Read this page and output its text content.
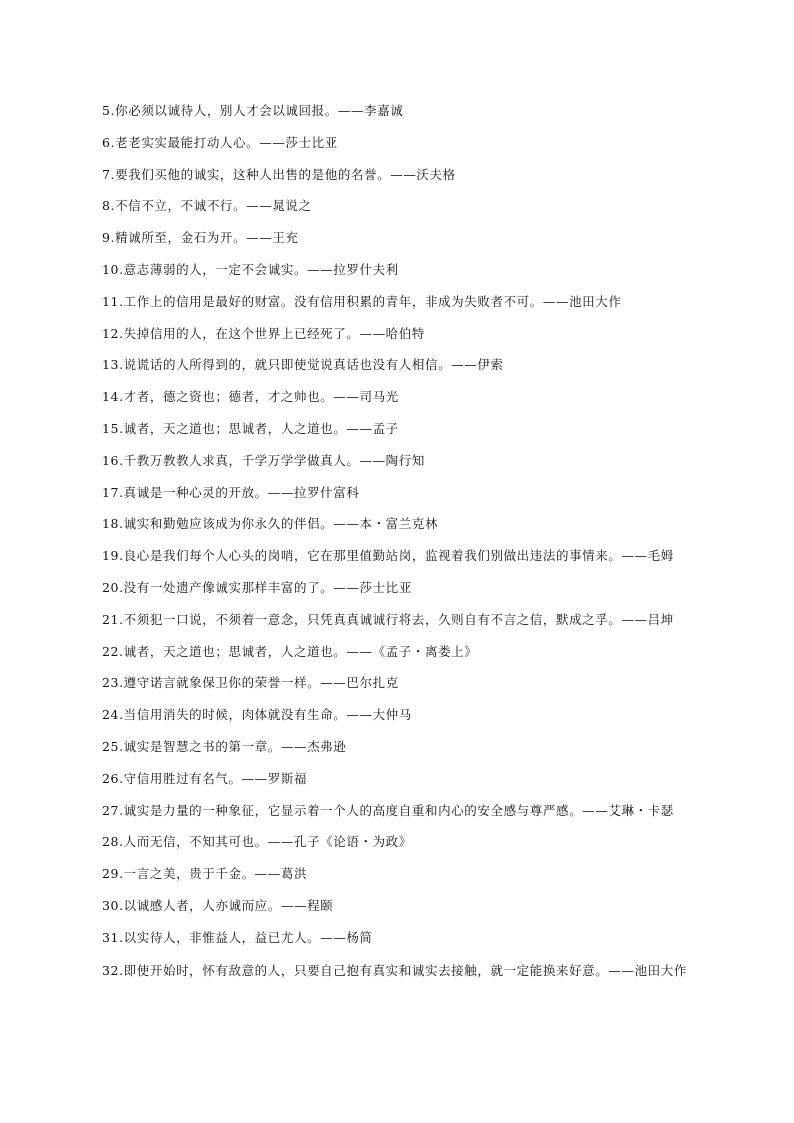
5.你必须以诚待人，别人才会以诚回报。——李嘉诚
6.老老实实最能打动人心。——莎士比亚
7.要我们买他的诚实，这种人出售的是他的名誉。——沃夫格
8.不信不立，不诚不行。——晁说之
9.精诚所至，金石为开。——王充
10.意志薄弱的人，一定不会诚实。——拉罗什夫利
11.工作上的信用是最好的财富。没有信用积累的青年，非成为失败者不可。——池田大作
12.失掉信用的人，在这个世界上已经死了。——哈伯特
13.说谎话的人所得到的，就只即使觉说真话也没有人相信。——伊索
14.才者，德之资也；德者，才之帅也。——司马光
15.诚者，天之道也；思诚者，人之道也。——孟子
16.千教万教教人求真，千学万学学做真人。——陶行知
17.真诚是一种心灵的开放。——拉罗什富科
18.诚实和勤勉应该成为你永久的伴侣。——本・富兰克林
19.良心是我们每个人心头的岗哨，它在那里值勤站岗，监视着我们别做出违法的事情来。——毛姆
20.没有一处遗产像诚实那样丰富的了。——莎士比亚
21.不须犯一口说，不须着一意念，只凭真真诚诚行将去，久则自有不言之信，默成之孚。——吕坤
22.诚者，天之道也；思诚者，人之道也。——《孟子・离娄上》
23.遵守诺言就象保卫你的荣誉一样。——巴尔扎克
24.当信用消失的时候，肉体就没有生命。——大仲马
25.诚实是智慧之书的第一章。——杰弗逊
26.守信用胜过有名气。——罗斯福
27.诚实是力量的一种象征，它显示着一个人的高度自重和内心的安全感与尊严感。——艾琳・卡瑟
28.人而无信，不知其可也。——孔子《论语・为政》
29.一言之美，贵于千金。——葛洪
30.以诚感人者，人亦诚而应。——程颐
31.以实待人，非惟益人，益已尤人。——杨简
32.即使开始时，怀有敌意的人，只要自己抱有真实和诚实去接触，就一定能换来好意。——池田大作
